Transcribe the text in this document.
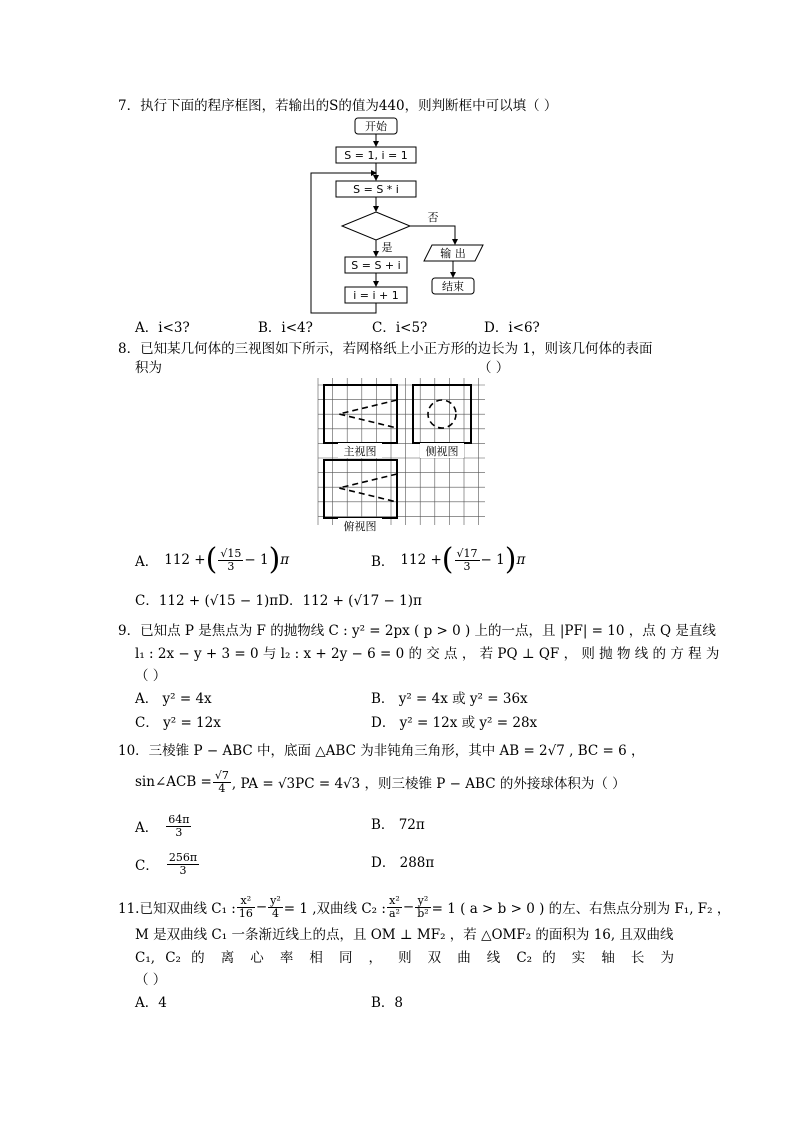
7．执行下面的程序框图，若输出的S的值为440，则判断框中可以填（ ）
开始
S = 1, i = 1
S = S * i
否
是
S = S + i
i = i + 1
输 出
结束
A．i<3?	B．i<4?	C．i<5?	D．i<6?
8．已知某几何体的三视图如下所示，若网格纸上小正方形的边长为 1，则该几何体的表面
积为	（ ）
主视图	侧视图
俯视图
A． 112 + ( $\frac{√15}{3} - 1$ ) π	B． 112 + ( $\frac{√17}{3} - 1$ ) π
C．112 + (√15 − 1)πD．112 + (√17 − 1)π
9．已知点 P 是焦点为 F 的抛物线 C : y² = 2px ( p > 0 ) 上的一点，且 |PF| = 10 ，点 Q 是直线
l₁ : 2x − y + 3 = 0 与 l₂ : x + 2y − 6 = 0 的 交 点 ， 若 PQ ⊥ QF ， 则 抛 物 线 的 方 程 为
（ ）
A． y² = 4x	B． y² = 4x 或 y² = 36x
C． y² = 12x	D． y² = 12x 或 y² = 28x
10．三棱锥 P − ABC 中，底面 △ABC 为非钝角三角形，其中 AB = 2√7 , BC = 6 ，
sin∠ACB = $\frac{√7}{4}$ , PA = √3PC = 4√3 ，则三棱锥 P − ABC 的外接球体积为（ ）
A． $\frac{64\pi}{3}$	B． 72π
C． $\frac{256\pi}{3}$	D． 288π
11.已知双曲线 C₁ : $\frac{\text{x²}}{16} - \frac{\text{y²}}{4} = 1$ ,双曲线 C₂ : $\frac{\text{x²}}{\text{a²}} - \frac{\text{y²}}{\text{b²}} = 1$ ( a > b > 0 ) 的左、右焦点分别为 F₁, F₂ ，
M 是双曲线 C₁ 一条渐近线上的点，且 OM ⊥ MF₂ ，若 △OMF₂ 的面积为 16, 且双曲线
C₁, C₂ 的 离 心 率 相 同 ， 则 双 曲 线 C₂ 的 实 轴 长 为
（ ）
A．4	B．8
